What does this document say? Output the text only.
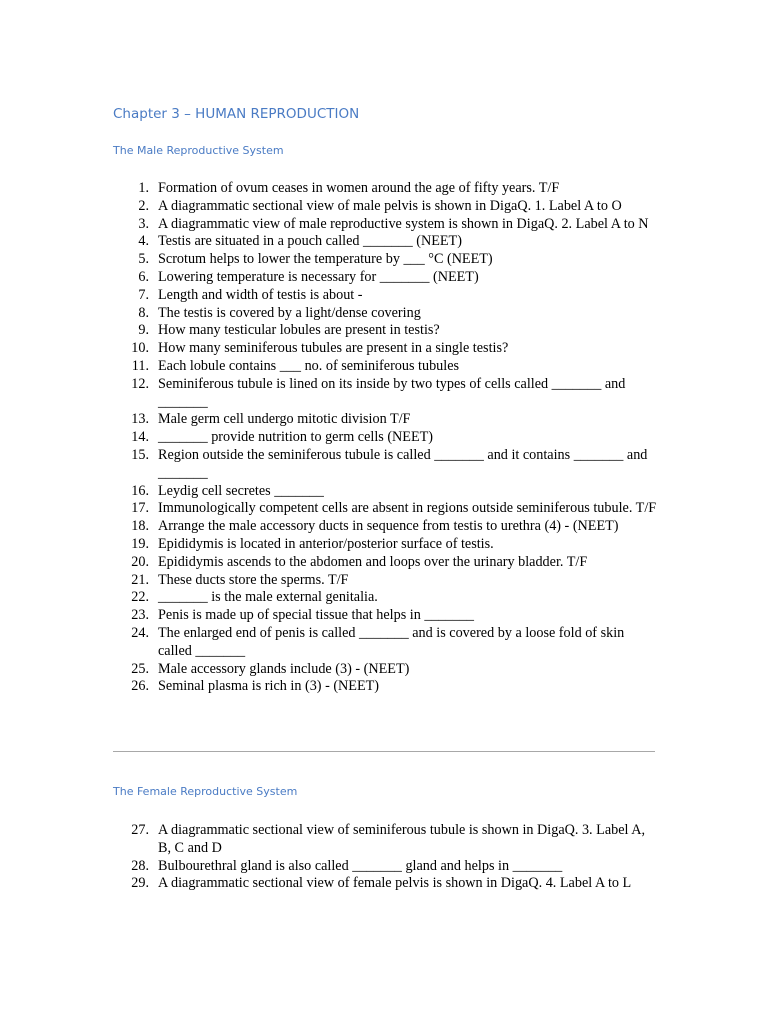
Chapter 3 – HUMAN REPRODUCTION
The Male Reproductive System
1. Formation of ovum ceases in women around the age of fifty years. T/F
2. A diagrammatic sectional view of male pelvis is shown in DigaQ. 1. Label A to O
3. A diagrammatic view of male reproductive system is shown in DigaQ. 2. Label A to N
4. Testis are situated in a pouch called _______ (NEET)
5. Scrotum helps to lower the temperature by ___ °C (NEET)
6. Lowering temperature is necessary for _______ (NEET)
7. Length and width of testis is about -
8. The testis is covered by a light/dense covering
9. How many testicular lobules are present in testis?
10. How many seminiferous tubules are present in a single testis?
11. Each lobule contains ___ no. of seminiferous tubules
12. Seminiferous tubule is lined on its inside by two types of cells called _______ and _______
13. Male germ cell undergo mitotic division T/F
14. _______ provide nutrition to germ cells (NEET)
15. Region outside the seminiferous tubule is called _______ and it contains _______ and _______
16. Leydig cell secretes _______
17. Immunologically competent cells are absent in regions outside seminiferous tubule. T/F
18. Arrange the male accessory ducts in sequence from testis to urethra (4) - (NEET)
19. Epididymis is located in anterior/posterior surface of testis.
20. Epididymis ascends to the abdomen and loops over the urinary bladder. T/F
21. These ducts store the sperms. T/F
22. _______ is the male external genitalia.
23. Penis is made up of special tissue that helps in _______
24. The enlarged end of penis is called _______ and is covered by a loose fold of skin called _______
25. Male accessory glands include (3) - (NEET)
26. Seminal plasma is rich in (3) - (NEET)
The Female Reproductive System
27. A diagrammatic sectional view of seminiferous tubule is shown in DigaQ. 3. Label A, B, C and D
28. Bulbourethral gland is also called _______ gland and helps in _______
29. A diagrammatic sectional view of female pelvis is shown in DigaQ. 4. Label A to L
